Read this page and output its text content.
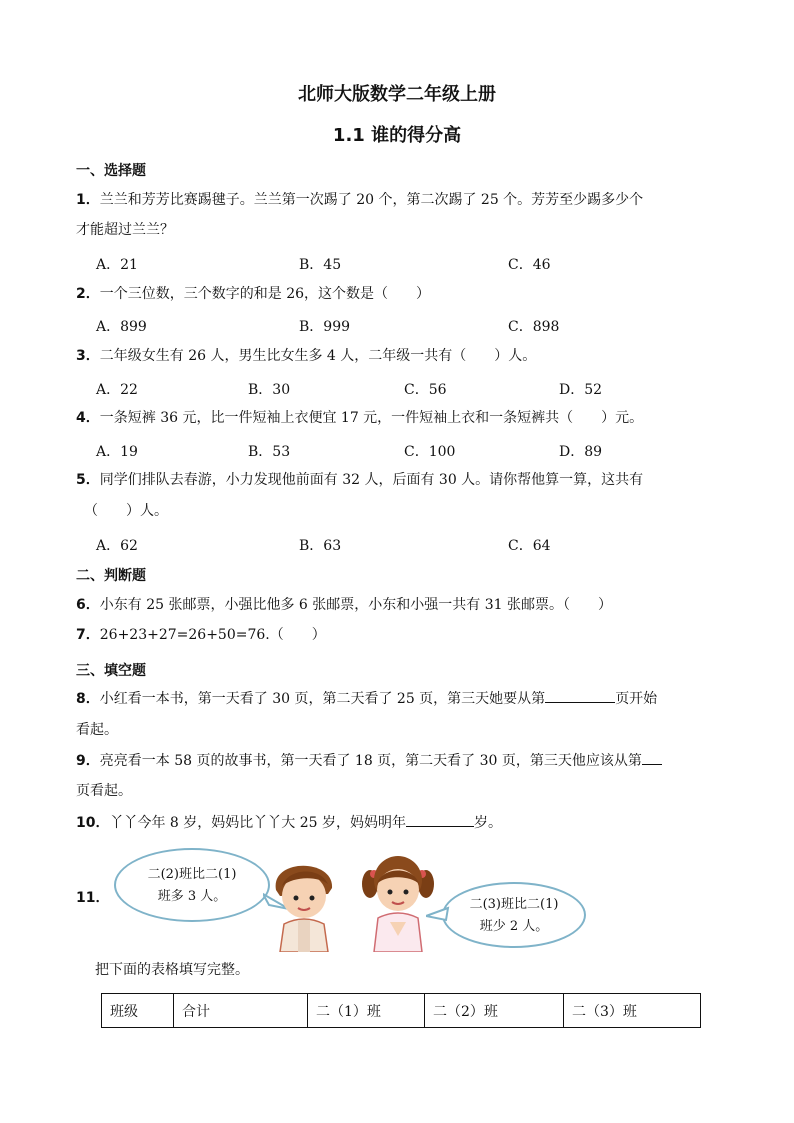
北师大版数学二年级上册
1.1 谁的得分高
一、选择题
1．兰兰和芳芳比赛踢毽子。兰兰第一次踢了 20 个，第二次踢了 25 个。芳芳至少踢多少个
才能超过兰兰？
A．21	B．45	C．46
2．一个三位数，三个数字的和是 26，这个数是（　　）
A．899	B．999	C．898
3．二年级女生有 26 人，男生比女生多 4 人，二年级一共有（　　）人。
A．22	B．30	C．56	D．52
4．一条短裤 36 元，比一件短袖上衣便宜 17 元，一件短袖上衣和一条短裤共（　　）元。
A．19	B．53	C．100	D．89
5．同学们排队去春游，小力发现他前面有 32 人，后面有 30 人。请你帮他算一算，这共有
（　　）人。
A．62	B．63	C．64
二、判断题
6．小东有 25 张邮票，小强比他多 6 张邮票，小东和小强一共有 31 张邮票。（　　）
7．26+23+27=26+50=76.（　　）
三、填空题
8．小红看一本书，第一天看了 30 页，第二天看了 25 页，第三天她要从第	页开始
看起。
9．亮亮看一本 58 页的故事书，第一天看了 18 页，第二天看了 30 页，第三天他应该从第
页看起。
10．丫丫今年 8 岁，妈妈比丫丫大 25 岁，妈妈明年	岁。
11．
二(2)班比二(1)
班多 3 人。
二(3)班比二(1)
班少 2 人。
把下面的表格填写完整。
班级	合计	二（1）班	二（2）班	二（3）班
